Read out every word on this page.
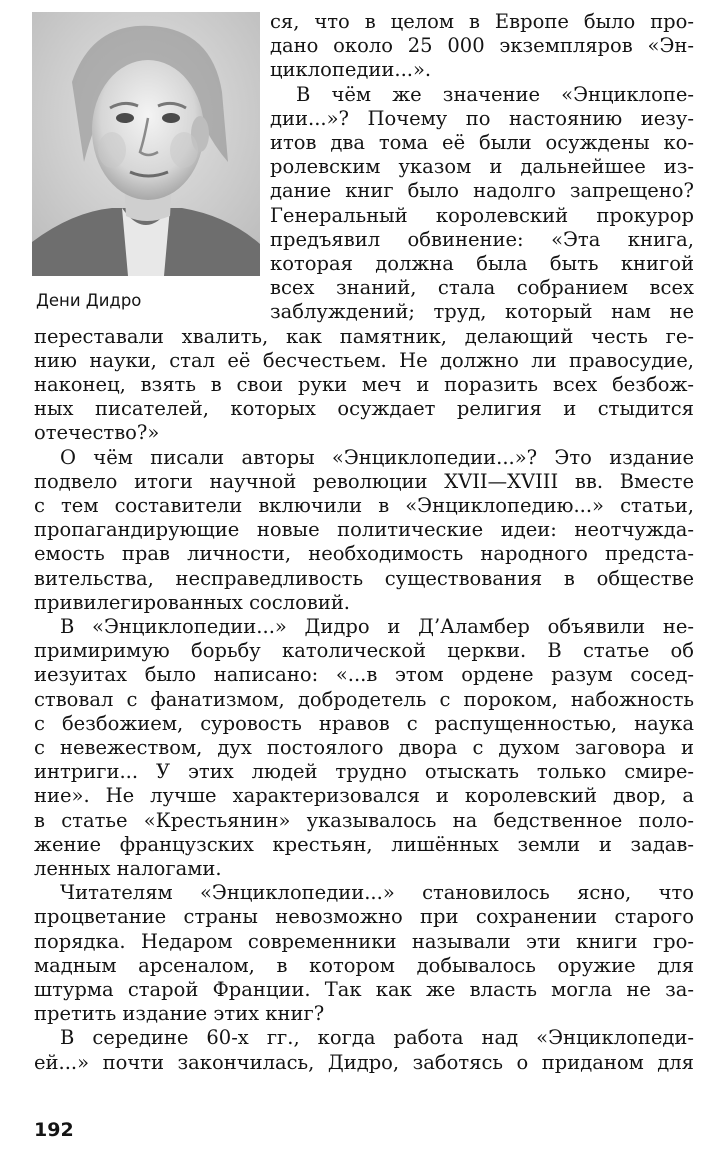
Дени Дидро
ся, что в целом в Европе было про-
дано около 25 000 экземпляров «Эн-
циклопедии...».
В чём же значение «Энциклопе-
дии...»? Почему по настоянию иезу-
итов два тома её были осуждены ко-
ролевским указом и дальнейшее из-
дание книг было надолго запрещено?
Генеральный королевский прокурор
предъявил обвинение: «Эта книга,
которая должна была быть книгой
всех знаний, стала собранием всех
заблуждений; труд, который нам не
переставали хвалить, как памятник, делающий честь ге-
нию науки, стал её бесчестьем. Не должно ли правосудие,
наконец, взять в свои руки меч и поразить всех безбож-
ных писателей, которых осуждает религия и стыдится
отечество?»
О чём писали авторы «Энциклопедии...»? Это издание
подвело итоги научной революции XVII—XVIII вв. Вместе
с тем составители включили в «Энциклопедию...» статьи,
пропагандирующие новые политические идеи: неотчужда-
емость прав личности, необходимость народного предста-
вительства, несправедливость существования в обществе
привилегированных сословий.
В «Энциклопедии...» Дидро и Д’Аламбер объявили не-
примиримую борьбу католической церкви. В статье об
иезуитах было написано: «...в этом ордене разум сосед-
ствовал с фанатизмом, добродетель с пороком, набожность
с безбожием, суровость нравов с распущенностью, наука
с невежеством, дух постоялого двора с духом заговора и
интриги... У этих людей трудно отыскать только смире-
ние». Не лучше характеризовался и королевский двор, а
в статье «Крестьянин» указывалось на бедственное поло-
жение французских крестьян, лишённых земли и задав-
ленных налогами.
Читателям «Энциклопедии...» становилось ясно, что
процветание страны невозможно при сохранении старого
порядка. Недаром современники называли эти книги гро-
мадным арсеналом, в котором добывалось оружие для
штурма старой Франции. Так как же власть могла не за-
претить издание этих книг?
В середине 60-х гг., когда работа над «Энциклопеди-
ей...» почти закончилась, Дидро, заботясь о приданом для
192
